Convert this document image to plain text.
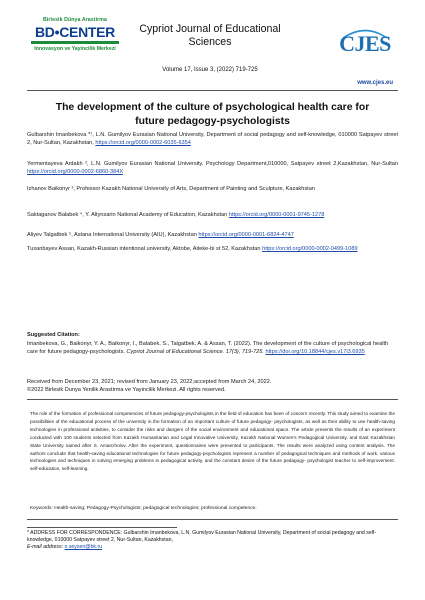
Birlesik Dünya Arastirma
BD•CENTER
Innovasyon ve Yayincilik Merkezi
Cypriot Journal of Educational Sciences
Volume 17, Issue 3, (2022) 719-725
CJES
www.cjes.eu
The development of the culture of psychological health care for future pedagogy-psychologists
Gulbarshin Imanbekova *¹, L.N. Gumilyov Eurasian National University, Department of social pedagogy and self-knowledge, 010000 Satpayev street 2, Nur-Sultan, Kazakhstan, https://orcid.org/0000-0002-6035-6354
Yermentayeva Ardakh ², L.N. Gumilyov Eurasian National University, Psychology Department,010000, Satpayev street 2,Kazakhstan, Nur-Sultan https://orcid.org/0000-0002-6860-384X
Izhanov Baikonyr ³, Professor Kazakh National University of Arts, Department of Painting and Sculpture, Kazakhstan
Saktaganov Balabek ⁴, Y. Altynsarin National Academy of Education, Kazakhstan https://orcid.org/0000-0001-9745-1278
Aliyev Talgatbek ⁵, Astana International University (AIU), Kazakhstan https://orcid.org/0000-0001-6824-4747
Tuxanbayev Assan, Kazakh-Russian intentional university, Aktobe, Aiteke-bi st 52, Kazakhstan https://orcid.org/0000-0002-0499-1089
Suggested Citation:
Imanbekova, G., Baikonyr, Y. A., Baikonyr, I., Balabek, S., Talgatbek, A. & Assan, T. (2022). The development of the culture of psychological health care for future pedagogy-psychologists. Cypriot Journal of Educational Science. 17(3), 719-725. https://doi.org/10.18844/cjes.v17i3.6935
Received from December 23, 2021; revised from January 23, 2022;accepted from March 24, 2022.
©2022 Birlesik Dunya Yenilik Arastirma ve Yayincilik Merkezi. All rights reserved.
The role of the formation of professional competencies of future pedagogy-psychologists in the field of education has been of concern recently. This study aimed to examine the possibilities of the educational process of the university in the formation of an important culture of future pedagogy- psychologists, as well as their ability to use health-saving technologies in professional activities, to consider the risks and dangers of the social environment and educational space. The article presents the results of an experiment conducted with 100 students selected from Kazakh Humanitarian and Legal Innovative University, Kazakh National Women's Pedagogical University, and East Kazakhstan State University named after S. Amanzholov. After the experiment, questionnaires were presented to participants. The results were analyzed using content analysis. The authors conclude that health-saving educational technologies for future pedagogy-psychologists represent a number of pedagogical techniques and methods of work. various technologies and techniques in solving emerging problems in pedagogical activity, and the constant desire of the future pedagogy- psychologist teacher to self-improvement. self-education, self-learning.
Keywords: Health-saving; Pedagogy-Psychologists; pedagogical technologies; professional competence.
* ADDRESS FOR CORRESPONDENCE: Gulbarshin Imanbekova, L.N. Gumilyov Eurasian National University, Department of social pedagogy and self-knowledge, 010000 Satpayev street 2, Nur-Sultan, Kazakhstan,
E-mail address: n.seysen@bk.ru
